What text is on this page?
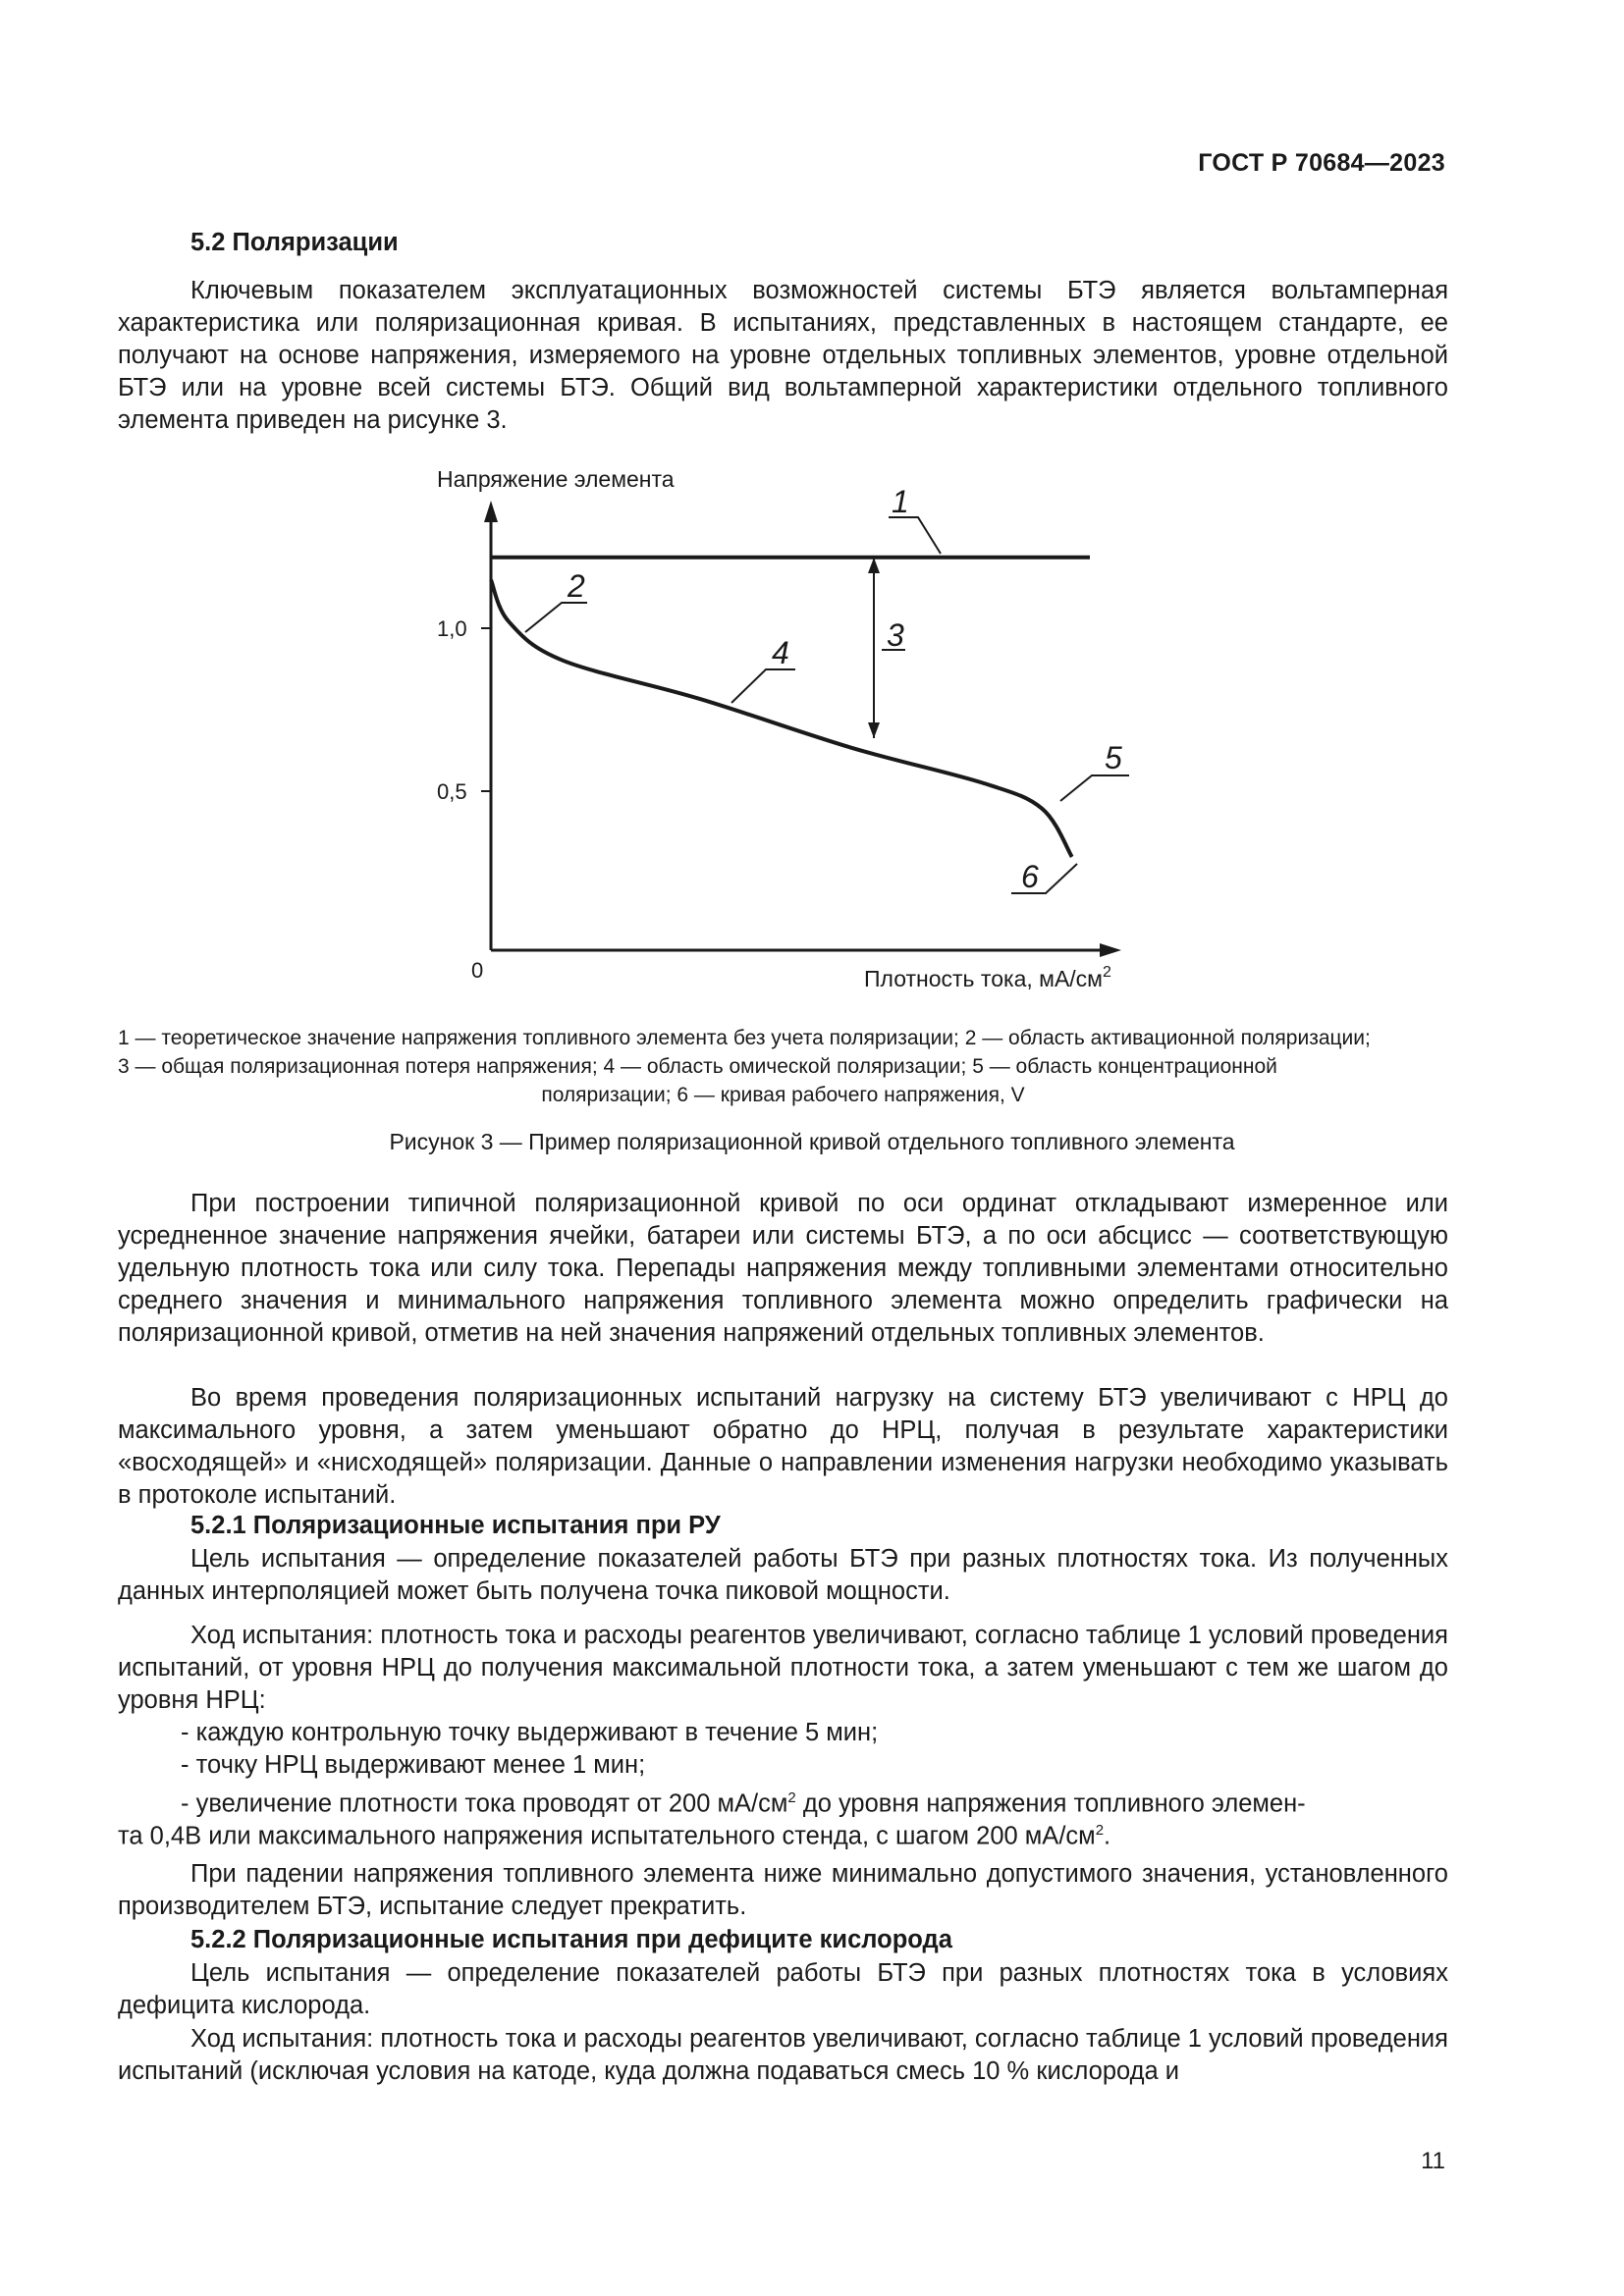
ГОСТ Р 70684—2023
5.2 Поляризации
Ключевым показателем эксплуатационных возможностей системы БТЭ является вольтамперная характеристика или поляризационная кривая. В испытаниях, представленных в настоящем стандарте, ее получают на основе напряжения, измеряемого на уровне отдельных топливных элементов, уровне отдельной БТЭ или на уровне всей системы БТЭ. Общий вид вольтамперной характеристики отдельного топливного элемента приведен на рисунке 3.
Напряжение элемента
0
1,0
0,5
Плотность тока, $мА/см^2$
1
2
3
4
5
6
1 — теоретическое значение напряжения топливного элемента без учета поляризации; 2 — область активационной поляризации;
3 — общая поляризационная потеря напряжения; 4 — область омической поляризации; 5 — область концентрационной
поляризации; 6 — кривая рабочего напряжения, V
Рисунок 3 — Пример поляризационной кривой отдельного топливного элемента
При построении типичной поляризационной кривой по оси ординат откладывают измеренное или усредненное значение напряжения ячейки, батареи или системы БТЭ, а по оси абсцисс — соответствующую удельную плотность тока или силу тока. Перепады напряжения между топливными элементами относительно среднего значения и минимального напряжения топливного элемента можно определить графически на поляризационной кривой, отметив на ней значения напряжений отдельных топливных элементов.
Во время проведения поляризационных испытаний нагрузку на систему БТЭ увеличивают с НРЦ до максимального уровня, а затем уменьшают обратно до НРЦ, получая в результате характеристики «восходящей» и «нисходящей» поляризации. Данные о направлении изменения нагрузки необходимо указывать в протоколе испытаний.
5.2.1 Поляризационные испытания при РУ
Цель испытания — определение показателей работы БТЭ при разных плотностях тока. Из полученных данных интерполяцией может быть получена точка пиковой мощности.
Ход испытания: плотность тока и расходы реагентов увеличивают, согласно таблице 1 условий проведения испытаний, от уровня НРЦ до получения максимальной плотности тока, а затем уменьшают с тем же шагом до уровня НРЦ:
- каждую контрольную точку выдерживают в течение 5 мин;
- точку НРЦ выдерживают менее 1 мин;
- увеличение плотности тока проводят от 200 $мА/см^2$ до уровня напряжения топливного элемен-
та 0,4В или максимального напряжения испытательного стенда, с шагом 200 $мА/см^2$.
При падении напряжения топливного элемента ниже минимально допустимого значения, установленного производителем БТЭ, испытание следует прекратить.
5.2.2 Поляризационные испытания при дефиците кислорода
Цель испытания — определение показателей работы БТЭ при разных плотностях тока в условиях дефицита кислорода.
Ход испытания: плотность тока и расходы реагентов увеличивают, согласно таблице 1 условий проведения испытаний (исключая условия на катоде, куда должна подаваться смесь 10 % кислорода и
11
